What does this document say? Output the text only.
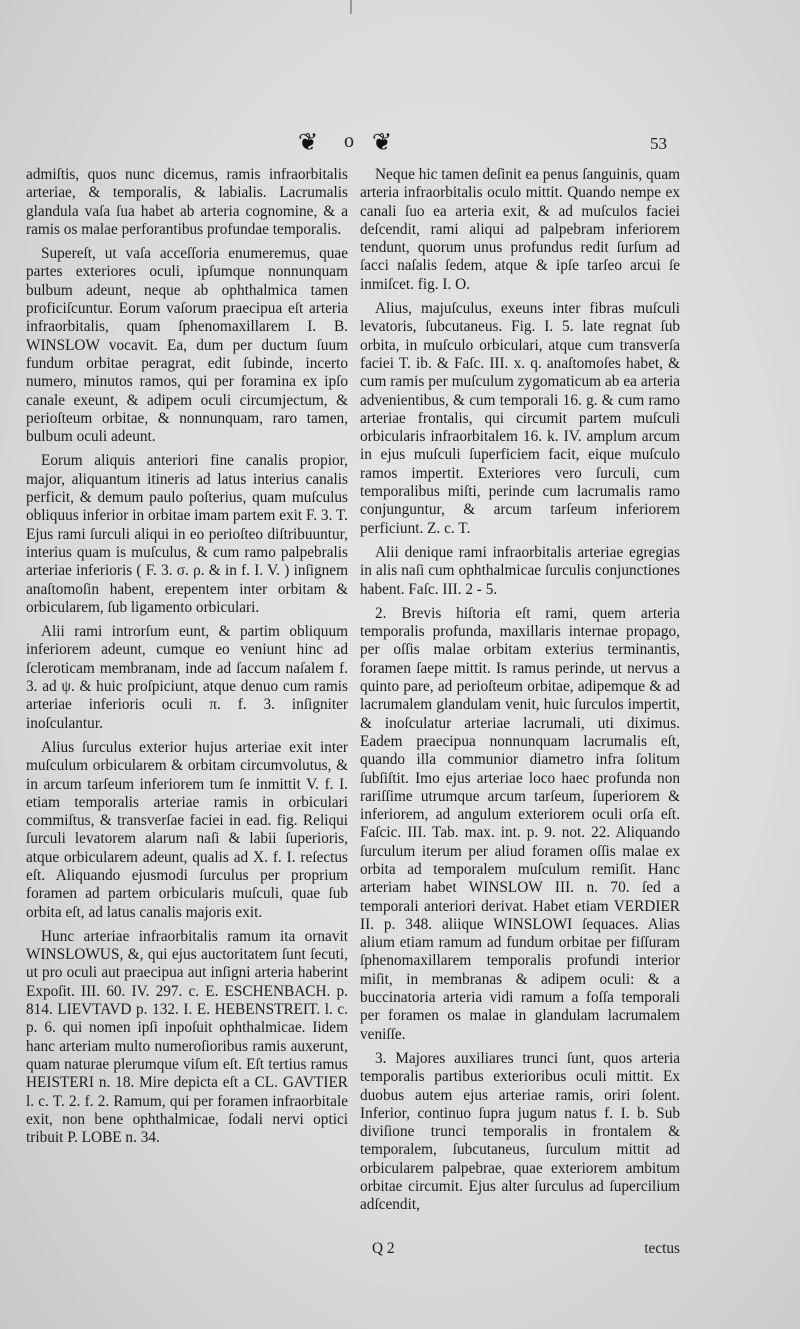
❦ o ❦	53

admiſtis, quos nunc dicemus, ramis infraorbitalis arteriae, & temporalis, & labialis. Lacrumalis glandula vaſa ſua habet ab arteria cognomine, & a ramis os malae perforantibus profundae temporalis.

Supereſt, ut vaſa acceſſoria enumeremus, quae partes exteriores oculi, ipſumque nonnunquam bulbum adeunt, neque ab ophthalmica tamen proficiſcuntur. Eorum vaſorum praecipua eſt arteria infraorbitalis, quam ſphenomaxillarem I. B. WINSLOW vocavit. Ea, dum per ductum ſuum fundum orbitae peragrat, edit ſubinde, incerto numero, minutos ramos, qui per foramina ex ipſo canale exeunt, & adipem oculi circumjectum, & perioſteum orbitae, & nonnunquam, raro tamen, bulbum oculi adeunt.

Eorum aliquis anteriori fine canalis propior, major, aliquantum itineris ad latus interius canalis perficit, & demum paulo poſterius, quam muſculus obliquus inferior in orbitae imam partem exit F. 3. T. Ejus rami ſurculi aliqui in eo perioſteo diſtribuuntur, interius quam is muſculus, & cum ramo palpebralis arteriae inferioris ( F. 3. σ. ρ. & in f. I. V. ) inſignem anaſtomoſin habent, erepentem inter orbitam & orbicularem, ſub ligamento orbiculari.

Alii rami introrſum eunt, & partim obliquum inferiorem adeunt, cumque eo veniunt hinc ad ſcleroticam membranam, inde ad ſaccum naſalem f. 3. ad ψ. & huic proſpiciunt, atque denuo cum ramis arteriae inferioris oculi π. f. 3. inſigniter inoſculantur.

Alius ſurculus exterior hujus arteriae exit inter muſculum orbicularem & orbitam circumvolutus, & in arcum tarſeum inferiorem tum ſe inmittit V. f. I. etiam temporalis arteriae ramis in orbiculari commiſtus, & transverſae faciei in ead. fig. Reliqui ſurculi levatorem alarum naſi & labii ſuperioris, atque orbicularem adeunt, qualis ad X. f. I. reſectus eſt. Aliquando ejusmodi ſurculus per proprium foramen ad partem orbicularis muſculi, quae ſub orbita eſt, ad latus canalis majoris exit.

Hunc arteriae infraorbitalis ramum ita ornavit WINSLOWUS, &, qui ejus auctoritatem ſunt ſecuti, ut pro oculi aut praecipua aut inſigni arteria haberint Expoſit. III. 60. IV. 297. c. E. ESCHENBACH. p. 814. LIEVTAVD p. 132. I. E. HEBENSTREIT. l. c. p. 6. qui nomen ipſi inpoſuit ophthalmicae. Iidem hanc arteriam multo numeroſioribus ramis auxerunt, quam naturae plerumque viſum eſt. Eſt tertius ramus HEISTERI n. 18. Mire depicta eſt a CL. GAVTIER l. c. T. 2. f. 2. Ramum, qui per foramen infraorbitale exit, non bene ophthalmicae, ſodali nervi optici tribuit P. LOBE n. 34.

Neque hic tamen deſinit ea penus ſanguinis, quam arteria infraorbitalis oculo mittit. Quando nempe ex canali ſuo ea arteria exit, & ad muſculos faciei deſcendit, rami aliqui ad palpebram inferiorem tendunt, quorum unus profundus redit ſurſum ad ſacci naſalis ſedem, atque & ipſe tarſeo arcui ſe inmiſcet. fig. I. O.

Alius, majuſculus, exeuns inter fibras muſculi levatoris, ſubcutaneus. Fig. I. 5. late regnat ſub orbita, in muſculo orbiculari, atque cum transverſa faciei T. ib. & Faſc. III. x. q. anaſtomoſes habet, & cum ramis per muſculum zygomaticum ab ea arteria advenientibus, & cum temporali 16. g. & cum ramo arteriae frontalis, qui circumit partem muſculi orbicularis infraorbitalem 16. k. IV. amplum arcum in ejus muſculi ſuperficiem facit, eique muſculo ramos impertit. Exteriores vero ſurculi, cum temporalibus miſti, perinde cum lacrumalis ramo conjunguntur, & arcum tarſeum inferiorem perficiunt. Z. c. T.

Alii denique rami infraorbitalis arteriae egregias in alis naſi cum ophthalmicae ſurculis conjunctiones habent. Faſc. III. 2 - 5.

2. Brevis hiſtoria eſt rami, quem arteria temporalis profunda, maxillaris internae propago, per oſſis malae orbitam exterius terminantis, foramen ſaepe mittit. Is ramus perinde, ut nervus a quinto pare, ad perioſteum orbitae, adipemque & ad lacrumalem glandulam venit, huic ſurculos impertit, & inoſculatur arteriae lacrumali, uti diximus. Eadem praecipua nonnunquam lacrumalis eſt, quando illa communior diametro infra ſolitum ſubſiſtit. Imo ejus arteriae loco haec profunda non rariſſime utrumque arcum tarſeum, ſuperiorem & inferiorem, ad angulum exteriorem oculi orſa eſt. Faſcic. III. Tab. max. int. p. 9. not. 22. Aliquando ſurculum iterum per aliud foramen oſſis malae ex orbita ad temporalem muſculum remiſit. Hanc arteriam habet WINSLOW III. n. 70. ſed a temporali anteriori derivat. Habet etiam VERDIER II. p. 348. aliique WINSLOWI ſequaces. Alias alium etiam ramum ad fundum orbitae per fiſſuram ſphenomaxillarem temporalis profundi interior miſit, in membranas & adipem oculi: & a buccinatoria arteria vidi ramum a foſſa temporali per foramen os malae in glandulam lacrumalem veniſſe.

3. Majores auxiliares trunci ſunt, quos arteria temporalis partibus exterioribus oculi mittit. Ex duobus autem ejus arteriae ramis, oriri ſolent. Inferior, continuo ſupra jugum natus f. I. b. Sub diviſione trunci temporalis in frontalem & temporalem, ſubcutaneus, ſurculum mittit ad orbicularem palpebrae, quae exteriorem ambitum orbitae circumit. Ejus alter ſurculus ad ſupercilium adſcendit,

Q 2	tectus
